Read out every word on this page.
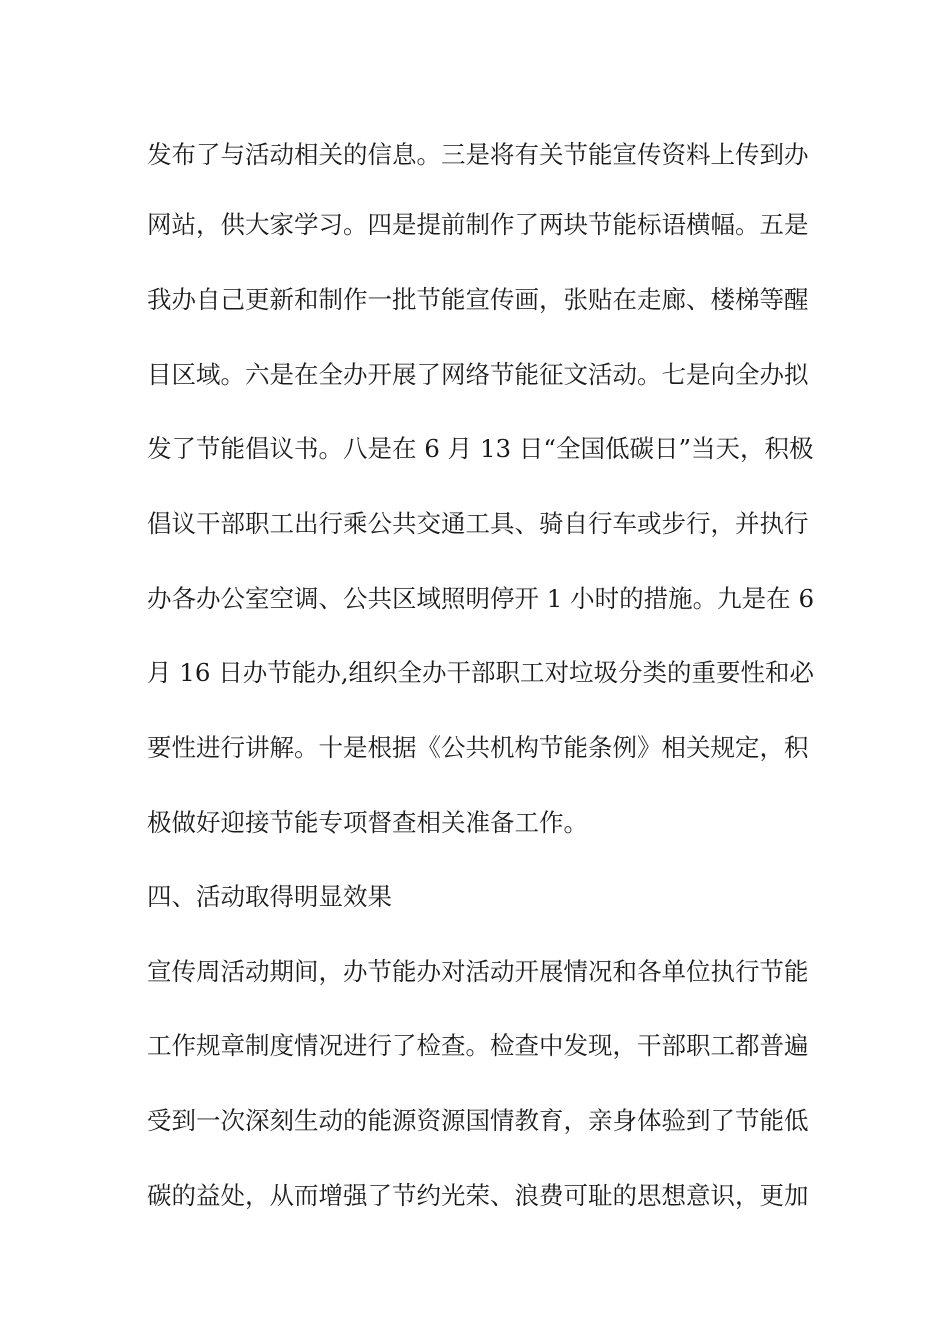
发布了与活动相关的信息。三是将有关节能宣传资料上传到办
网站，供大家学习。四是提前制作了两块节能标语横幅。五是
我办自己更新和制作一批节能宣传画，张贴在走廊、楼梯等醒
目区域。六是在全办开展了网络节能征文活动。七是向全办拟
发了节能倡议书。八是在 6 月 13 日“全国低碳日”当天，积极
倡议干部职工出行乘公共交通工具、骑自行车或步行，并执行
办各办公室空调、公共区域照明停开 1 小时的措施。九是在 6
月 16 日办节能办,组织全办干部职工对垃圾分类的重要性和必
要性进行讲解。十是根据《公共机构节能条例》相关规定，积
极做好迎接节能专项督查相关准备工作。
四、活动取得明显效果
宣传周活动期间，办节能办对活动开展情况和各单位执行节能
工作规章制度情况进行了检查。检查中发现，干部职工都普遍
受到一次深刻生动的能源资源国情教育，亲身体验到了节能低
碳的益处，从而增强了节约光荣、浪费可耻的思想意识，更加
